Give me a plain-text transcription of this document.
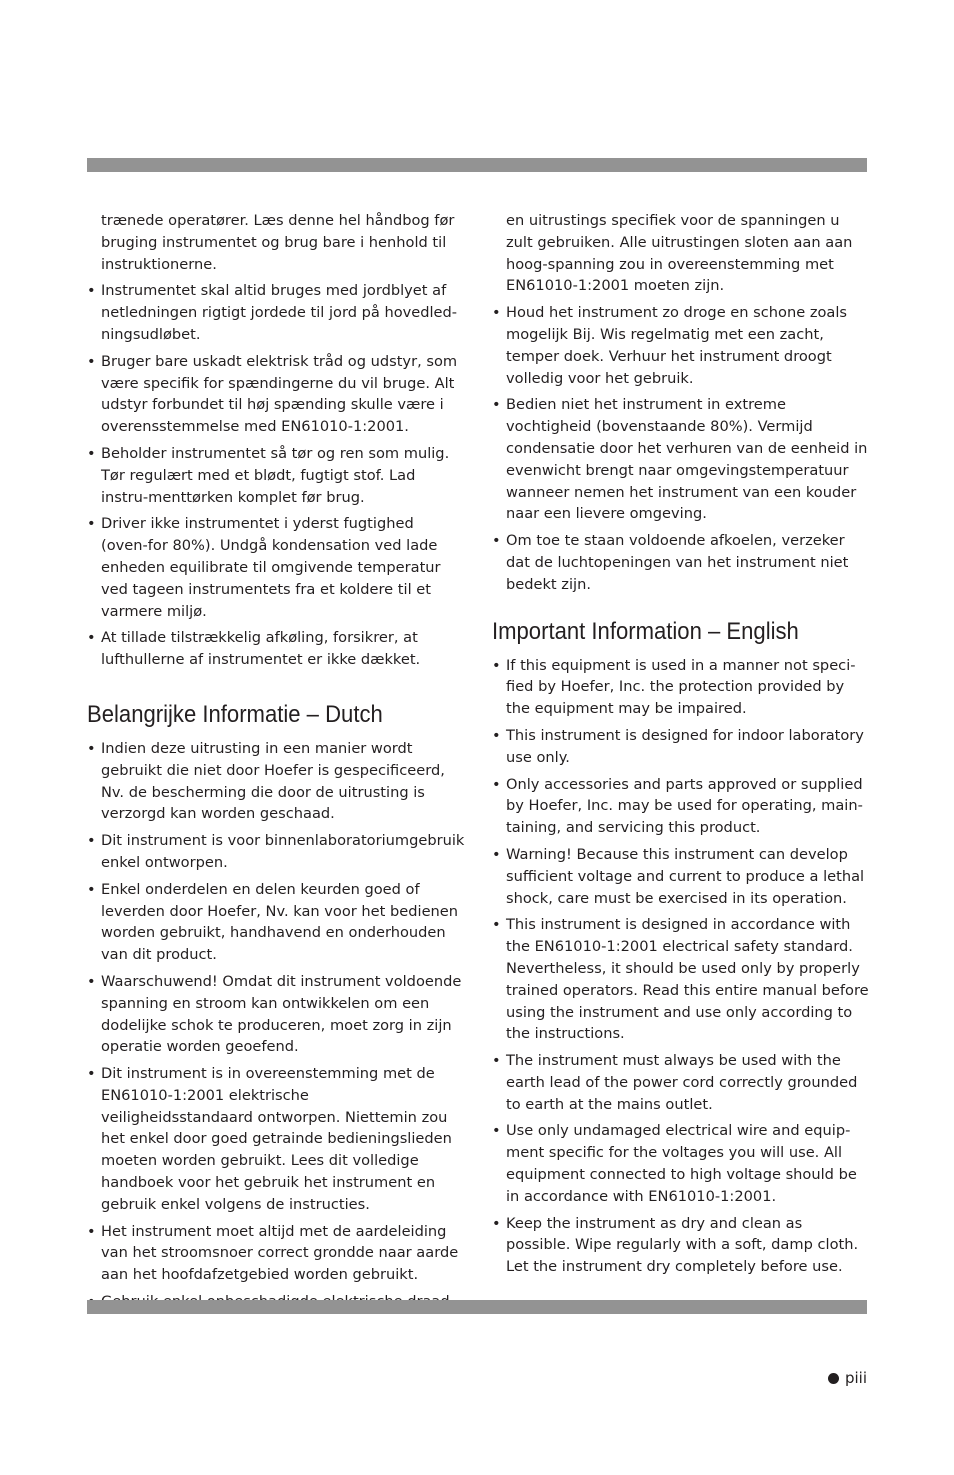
trænede operatører. Læs denne hel håndbog før bruging instrumentet og brug bare i henhold til instruktionerne.

• Instrumentet skal altid bruges med jordblyet af netledningen rigtigt jordede til jord på hovedled-ningsudløbet.
• Bruger bare uskadt elektrisk tråd og udstyr, som være specifik for spændingerne du vil bruge. Alt udstyr forbundet til høj spænding skulle være i overensstemmelse med EN61010-1:2001.
• Beholder instrumentet så tør og ren som mulig. Tør regulært med et blødt, fugtigt stof. Lad instru-menttørken komplet før brug.
• Driver ikke instrumentet i yderst fugtighed (oven-for 80%). Undgå kondensation ved lade enheden equilibrate til omgivende temperatur ved tageen instrumentets fra et koldere til et varmere miljø.
• At tillade tilstrækkelig afkøling, forsikrer, at lufthullerne af instrumentet er ikke dækket.
Belangrijke Informatie – Dutch
• Indien deze uitrusting in een manier wordt gebruikt die niet door Hoefer is gespecificeerd, Nv. de bescherming die door de uitrusting is verzorgd kan worden geschaad.
• Dit instrument is voor binnenlaboratoriumgebruik enkel ontworpen.
• Enkel onderdelen en delen keurden goed of leverden door Hoefer, Nv. kan voor het bedienen worden gebruikt, handhavend en onderhouden van dit product.
• Waarschuwend! Omdat dit instrument voldoende spanning en stroom kan ontwikkelen om een dodelijke schok te produceren, moet zorg in zijn operatie worden geoefend.
• Dit instrument is in overeenstemming met de EN61010-1:2001 elektrische veiligheidsstandaard ontworpen. Niettemin zou het enkel door goed getrainde bedieningslieden moeten worden gebruikt. Lees dit volledige handboek voor het gebruik het instrument en gebruik enkel volgens de instructies.
• Het instrument moet altijd met de aardeleiding van het stroomsnoer correct grondde naar aarde aan het hoofdafzetgebied worden gebruikt.

en uitrustings specifiek voor de spanningen u zult gebruiken. Alle uitrustingen sloten aan aan hoog-spanning zou in overeenstemming met EN61010-1:2001 moeten zijn.

• Houd het instrument zo droge en schone zoals mogelijk Bij. Wis regelmatig met een zacht, temper doek. Verhuur het instrument droogt volledig voor het gebruik.
• Bedien niet het instrument in extreme vochtigheid (bovenstaande 80%). Vermijd condensatie door het verhuren van de eenheid in evenwicht brengt naar omgevingstemperatuur wanneer nemen het instrument van een kouder naar een lievere omgeving.
• Om toe te staan voldoende afkoelen, verzeker dat de luchtopeningen van het instrument niet bedekt zijn.
Important Information – English
• If this equipment is used in a manner not speci-fied by Hoefer, Inc. the protection provided by the equipment may be impaired.
• This instrument is designed for indoor laboratory use only.
• Only accessories and parts approved or supplied by Hoefer, Inc. may be used for operating, main-taining, and servicing this product.
• Warning! Because this instrument can develop sufficient voltage and current to produce a lethal shock, care must be exercised in its operation.
• This instrument is designed in accordance with the EN61010-1:2001 electrical safety standard. Nevertheless, it should be used only by properly trained operators. Read this entire manual before using the instrument and use only according to the instructions.
• The instrument must always be used with the earth lead of the power cord correctly grounded to earth at the mains outlet.
• Use only undamaged electrical wire and equip-ment specific for the voltages you will use. All equipment connected to high voltage should be in accordance with EN61010-1:2001.
• Keep the instrument as dry and clean as possible. Wipe regularly with a soft, damp cloth. Let the instrument dry completely before use.
piii
